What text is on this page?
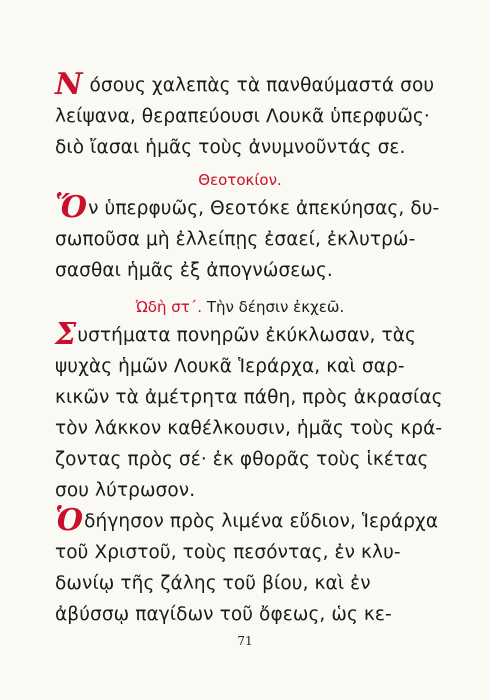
Ν όσους χαλεπὰς τὰ πανθαύμαστά σου
λείψανα, θεραπεύουσι Λουκᾶ ὑπερφυῶς·
διὸ ἴασαι ἡμᾶς τοὺς ἀνυμνοῦντάς σε.
Θεοτοκίον.
Ὅν ὑπερφυῶς, Θεοτόκε ἀπεκύησας, δυ-
σωποῦσα μὴ ἐλλείπῃς ἐσαεί, ἐκλυτρώ-
σασθαι ἡμᾶς ἐξ ἀπογνώσεως.
Ὠδὴ στ΄. Τὴν δέησιν ἐκχεῶ.
Συστήματα πονηρῶν ἐκύκλωσαν, τὰς
ψυχὰς ἡμῶν Λουκᾶ Ἱεράρχα, καὶ σαρ-
κικῶν τὰ ἀμέτρητα πάθη, πρὸς ἀκρασίας
τὸν λάκκον καθέλκουσιν, ἡμᾶς τοὺς κρά-
ζοντας πρὸς σέ· ἐκ φθορᾶς τοὺς ἱκέτας
σου λύτρωσον.
Ὁδήγησον πρὸς λιμένα εὔδιον, Ἱεράρχα
τοῦ Χριστοῦ, τοὺς πεσόντας, ἐν κλυ-
δωνίῳ τῆς ζάλης τοῦ βίου, καὶ ἐν
ἀβύσσῳ παγίδων τοῦ ὄφεως, ὡς κε-
71
